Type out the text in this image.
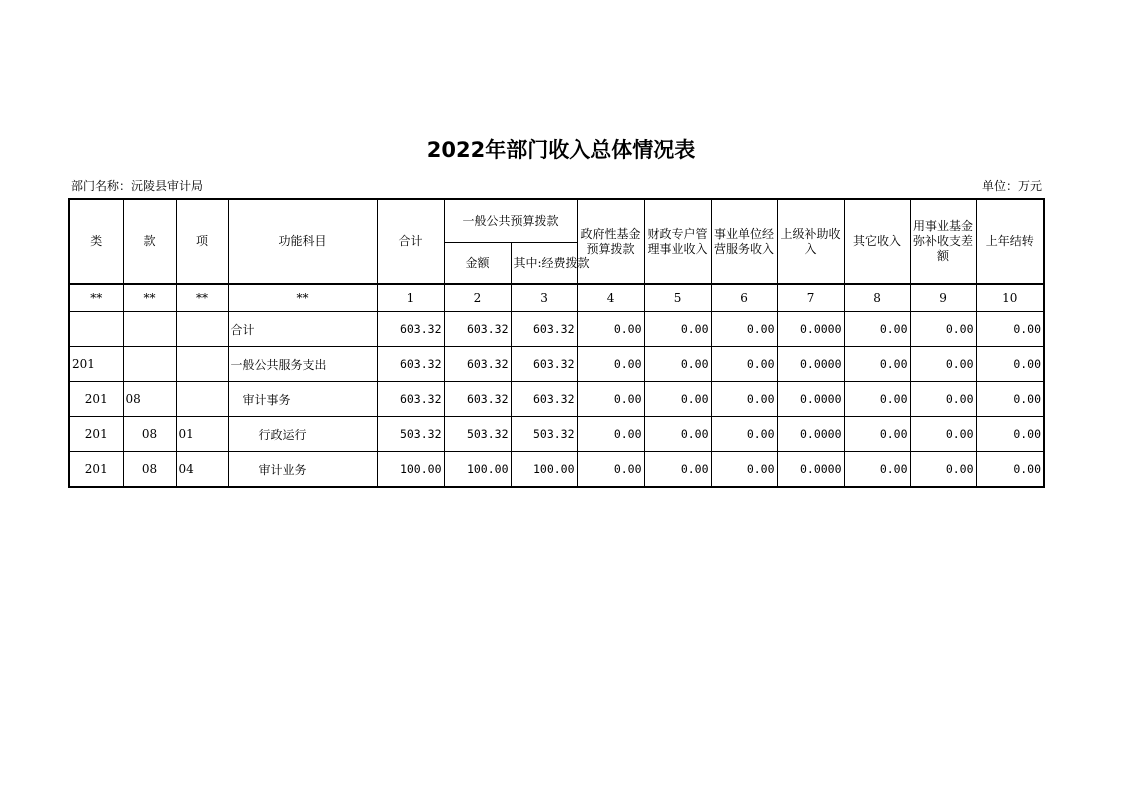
2022年部门收入总体情况表
部门名称：沅陵县审计局	单位：万元
类	款	项	功能科目	合计	一般公共预算拨款		政府性基金预算拨款	财政专户管理事业收入	事业单位经营服务收入	上级补助收入	其它收入	用事业基金弥补收支差额	上年结转
					金额	其中:经费拨款							
**	**	**	**	1	2	3	4	5	6	7	8	9	10
			合计	603.32	603.32	603.32	0.00	0.00	0.00	0.0000	0.00	0.00	0.00
201			一般公共服务支出	603.32	603.32	603.32	0.00	0.00	0.00	0.0000	0.00	0.00	0.00
201	08		审计事务	603.32	603.32	603.32	0.00	0.00	0.00	0.0000	0.00	0.00	0.00
201	08	01	行政运行	503.32	503.32	503.32	0.00	0.00	0.00	0.0000	0.00	0.00	0.00
201	08	04	审计业务	100.00	100.00	100.00	0.00	0.00	0.00	0.0000	0.00	0.00	0.00
